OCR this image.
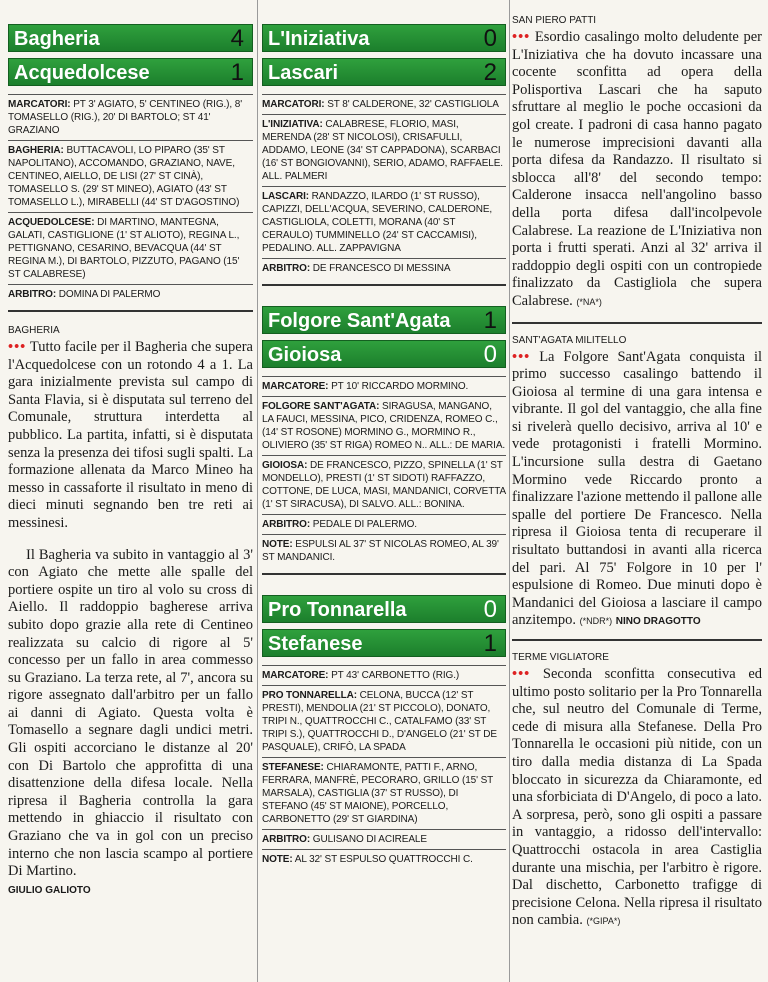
Bagheria	4
Acquedolcese	1
MARCATORI: PT 3' AGIATO, 5' CENTINEO (RIG.), 8' TOMASELLO (RIG.), 20' DI BARTOLO; ST 41' GRAZIANO
BAGHERIA: BUTTACAVOLI, LO PIPARO (35' ST NAPOLITANO), ACCOMANDO, GRAZIANO, NAVE, CENTINEO, AIELLO, DE LISI (27' ST CINÀ), TOMASELLO S. (29' ST MINEO), AGIATO (43' ST TOMASELLO L.), MIRABELLI (44' ST D'AGOSTINO)
ACQUEDOLCESE: DI MARTINO, MANTEGNA, GALATI, CASTIGLIONE (1' ST ALIOTO), REGINA L., PETTIGNANO, CESARINO, BEVACQUA (44' ST REGINA M.), DI BARTOLO, PIZZUTO, PAGANO (15' ST CALABRESE)
ARBITRO: DOMINA DI PALERMO
BAGHERIA

••• Tutto facile per il Bagheria che supera l'Acquedolcese con un rotondo 4 a 1. La gara inizialmente prevista sul campo di Santa Flavia, si è disputata sul terreno del Comunale, struttura interdetta al pubblico. La partita, infatti, si è disputata senza la presenza dei tifosi sugli spalti. La formazione allenata da Marco Mineo ha messo in cassaforte il risultato in meno di dieci minuti segnando ben tre reti ai messinesi.

Il Bagheria va subito in vantaggio al 3' con Agiato che mette alle spalle del portiere ospite un tiro al volo su cross di Aiello. Il raddoppio bagherese arriva subito dopo grazie alla rete di Centineo realizzata su calcio di rigore al 5' concesso per un fallo in area commesso su Graziano. La terza rete, al 7', ancora su rigore assegnato dall'arbitro per un fallo ai danni di Agiato. Questa volta è Tomasello a segnare dagli undici metri. Gli ospiti accorciano le distanze al 20' con Di Bartolo che approfitta di una disattenzione della difesa locale. Nella ripresa il Bagheria controlla la gara mettendo in ghiaccio il risultato con Graziano che va in gol con un preciso interno che non lascia scampo al portiere Di Martino.

GIULIO GALIOTO
L'Iniziativa	0
Lascari	2
MARCATORI: ST 8' CALDERONE, 32' CASTIGLIOLA
L'INIZIATIVA: CALABRESE, FLORIO, MASI, MERENDA (28' ST NICOLOSI), CRISAFULLI, ADDAMO, LEONE (34' ST CAPPADONA), SCARBACI (16' ST BONGIOVANNI), SERIO, ADAMO, RAFFAELE. ALL. PALMERI
LASCARI: RANDAZZO, ILARDO (1' ST RUSSO), CAPIZZI, DELL'ACQUA, SEVERINO, CALDERONE, CASTIGLIOLA, COLETTI, MORANA (40' ST CERAULO) TUMMINELLO (24' ST CACCAMISI), PEDALINO. ALL. ZAPPAVIGNA
ARBITRO: DE FRANCESCO DI MESSINA
Folgore Sant'Agata 1
Gioiosa	0
MARCATORE: PT 10' RICCARDO MORMINO.
FOLGORE SANT'AGATA: SIRAGUSA, MANGANO, LA FAUCI, MESSINA, PICO, CRIDENZA, ROMEO C., (14' ST ROSONE) MORMINO G., MORMINO R., OLIVIERO (35' ST RIGA) ROMEO N.. ALL.: DE MARIA.
GIOIOSA: DE FRANCESCO, PIZZO, SPINELLA (1' ST MONDELLO), PRESTI (1' ST SIDOTI) RAFFAZZO, COTTONE, DE LUCA, MASI, MANDANICI, CORVETTA (1' ST SIRACUSA), DI SALVO. ALL.: BONINA.
ARBITRO: PEDALE DI PALERMO.
NOTE: ESPULSI AL 37' ST NICOLAS ROMEO, AL 39' ST MANDANICI.
Pro Tonnarella	0
Stefanese	1
MARCATORE: PT 43' CARBONETTO (RIG.)
PRO TONNARELLA: CELONA, BUCCA (12' ST PRESTI), MENDOLIA (21' ST PICCOLO), DONATO, TRIPI N., QUATTROCCHI C., CATALFAMO (33' ST TRIPI S.), QUATTROCCHI D., D'ANGELO (21' ST DE PASQUALE), CRIFÒ, LA SPADA
STEFANESE: CHIARAMONTE, PATTI F., ARNO, FERRARA, MANFRÈ, PECORARO, GRILLO (15' ST MARSALA), CASTIGLIA (37' ST RUSSO), DI STEFANO (45' ST MAIONE), PORCELLO, CARBONETTO (29' ST GIARDINA)
ARBITRO: GULISANO DI ACIREALE
NOTE: AL 32' ST ESPULSO QUATTROCCHI C.
SAN PIERO PATTI

••• Esordio casalingo molto deludente per L'Iniziativa che ha dovuto incassare una cocente sconfitta ad opera della Polisportiva Lascari che ha saputo sfruttare al meglio le poche occasioni da gol create. I padroni di casa hanno pagato le numerose imprecisioni davanti alla porta difesa da Randazzo. Il risultato si sblocca all'8' del secondo tempo: Calderone insacca nell'angolino basso della porta difesa dall'incolpevole Calabrese. La reazione de L'Iniziativa non porta i frutti sperati. Anzi al 32' arriva il raddoppio degli ospiti con un contropiede finalizzato da Castigliola che supera Calabrese. (*NA*)

SANT'AGATA MILITELLO

••• La Folgore Sant'Agata conquista il primo successo casalingo battendo il Gioiosa al termine di una gara intensa e vibrante. Il gol del vantaggio, che alla fine si rivelerà quello decisivo, arriva al 10' e vede protagonisti i fratelli Mormino. L'incursione sulla destra di Gaetano Mormino vede Riccardo pronto a finalizzare l'azione mettendo il pallone alle spalle del portiere De Francesco. Nella ripresa il Gioiosa tenta di recuperare il risultato buttandosi in avanti alla ricerca del pari. Al 75' Folgore in 10 per l' espulsione di Romeo. Due minuti dopo è Mandanici del Gioiosa a lasciare il campo anzitempo. (*NDR*) NINO DRAGOTTO

TERME VIGLIATORE

••• Seconda sconfitta consecutiva ed ultimo posto solitario per la Pro Tonnarella che, sul neutro del Comunale di Terme, cede di misura alla Stefanese. Della Pro Tonnarella le occasioni più nitide, con un tiro dalla media distanza di La Spada bloccato in sicurezza da Chiaramonte, ed una sforbiciata di D'Angelo, di poco a lato. A sorpresa, però, sono gli ospiti a passare in vantaggio, a ridosso dell'intervallo: Quattrocchi ostacola in area Castiglia durante una mischia, per l'arbitro è rigore. Dal dischetto, Carbonetto trafigge di precisione Celona. Nella ripresa il risultato non cambia. (*GIPA*)
